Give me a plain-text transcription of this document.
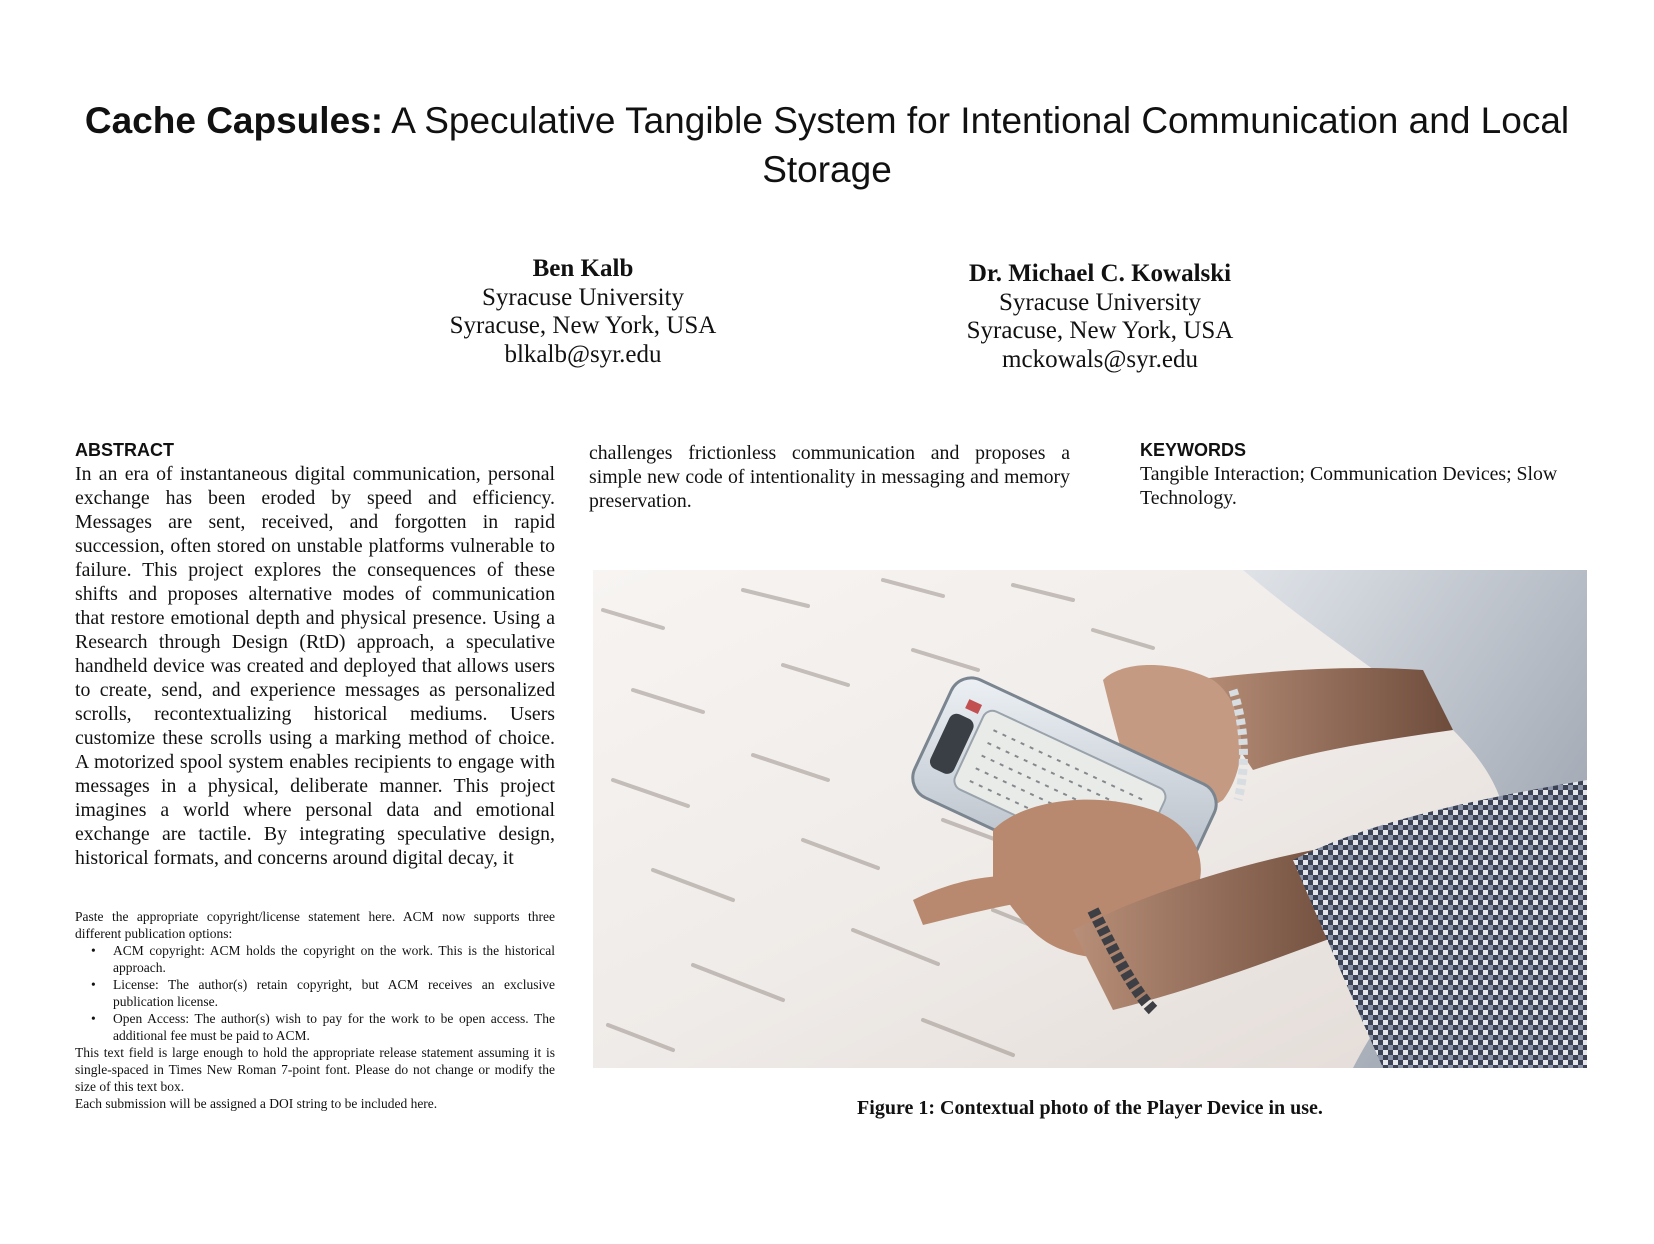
Cache Capsules: A Speculative Tangible System for Intentional Communication and Local Storage
Ben Kalb
Syracuse University
Syracuse, New York, USA
blkalb@syr.edu
Dr. Michael C. Kowalski
Syracuse University
Syracuse, New York, USA
mckowals@syr.edu
ABSTRACT
In an era of instantaneous digital communication, personal exchange has been eroded by speed and efficiency. Messages are sent, received, and forgotten in rapid succession, often stored on unstable platforms vulnerable to failure. This project explores the consequences of these shifts and proposes alternative modes of communication that restore emotional depth and physical presence. Using a Research through Design (RtD) approach, a speculative handheld device was created and deployed that allows users to create, send, and experience messages as personalized scrolls, recontextualizing historical mediums. Users customize these scrolls using a marking method of choice. A motorized spool system enables recipients to engage with messages in a physical, deliberate manner. This project imagines a world where personal data and emotional exchange are tactile. By integrating speculative design, historical formats, and concerns around digital decay, it
challenges frictionless communication and proposes a simple new code of intentionality in messaging and memory preservation.
KEYWORDS
Tangible Interaction; Communication Devices; Slow Technology.
Paste the appropriate copyright/license statement here. ACM now supports three different publication options:
• ACM copyright: ACM holds the copyright on the work. This is the historical approach.
• License: The author(s) retain copyright, but ACM receives an exclusive publication license.
• Open Access: The author(s) wish to pay for the work to be open access. The additional fee must be paid to ACM.
This text field is large enough to hold the appropriate release statement assuming it is single-spaced in Times New Roman 7-point font. Please do not change or modify the size of this text box.
Each submission will be assigned a DOI string to be included here.	Figure 1: Contextual photo of the Player Device in use.
